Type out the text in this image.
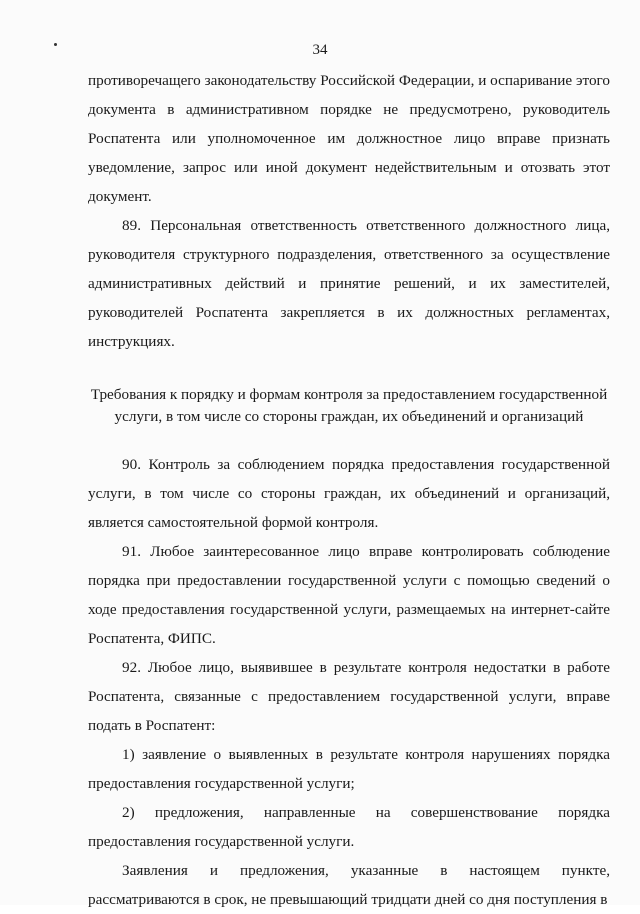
34

противоречащего законодательству Российской Федерации, и оспаривание этого документа в административном порядке не предусмотрено, руководитель Роспатента или уполномоченное им должностное лицо вправе признать уведомление, запрос или иной документ недействительным и отозвать этот документ.

89. Персональная ответственность ответственного должностного лица, руководителя структурного подразделения, ответственного за осуществление административных действий и принятие решений, и их заместителей, руководителей Роспатента закрепляется в их должностных регламентах, инструкциях.

Требования к порядку и формам контроля за предоставлением государственной
услуги, в том числе со стороны граждан, их объединений и организаций

90. Контроль за соблюдением порядка предоставления государственной услуги, в том числе со стороны граждан, их объединений и организаций, является самостоятельной формой контроля.

91. Любое заинтересованное лицо вправе контролировать соблюдение порядка при предоставлении государственной услуги с помощью сведений о ходе предоставления государственной услуги, размещаемых на интернет-сайте Роспатента, ФИПС.

92. Любое лицо, выявившее в результате контроля недостатки в работе Роспатента, связанные с предоставлением государственной услуги, вправе подать в Роспатент:

1) заявление о выявленных в результате контроля нарушениях порядка предоставления государственной услуги;

2) предложения, направленные на совершенствование порядка предоставления государственной услуги.

Заявления и предложения, указанные в настоящем пункте, рассматриваются в срок, не превышающий тридцати дней со дня поступления в
